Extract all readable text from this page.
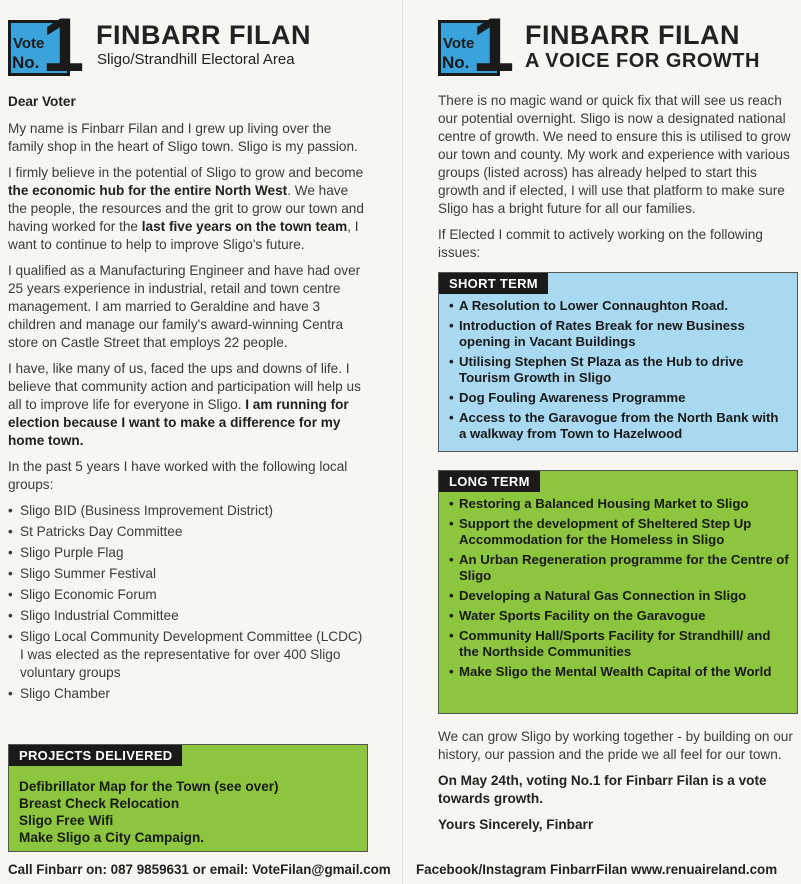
Vote
No. 1 FINBARR FILAN
Sligo/Strandhill Electoral Area

Dear Voter

My name is Finbarr Filan and I grew up living over the family shop in the heart of Sligo town. Sligo is my passion.

I firmly believe in the potential of Sligo to grow and become the economic hub for the entire North West. We have the people, the resources and the grit to grow our town and having worked for the last five years on the town team, I want to continue to help to improve Sligo's future.

I qualified as a Manufacturing Engineer and have had over 25 years experience in industrial, retail and town centre management. I am married to Geraldine and have 3 children and manage our family's award-winning Centra store on Castle Street that employs 22 people.

I have, like many of us, faced the ups and downs of life. I believe that community action and participation will help us all to improve life for everyone in Sligo. I am running for election because I want to make a difference for my home town.

In the past 5 years I have worked with the following local groups:

• Sligo BID (Business Improvement District)
• St Patricks Day Committee
• Sligo Purple Flag
• Sligo Summer Festival
• Sligo Economic Forum
• Sligo Industrial Committee
• Sligo Local Community Development Committee (LCDC) I was elected as the representative for over 400 Sligo voluntary groups
• Sligo Chamber
PROJECTS DELIVERED
Defibrillator Map for the Town (see over)
Breast Check Relocation
Sligo Free Wifi
Make Sligo a City Campaign.
Call Finbarr on: 087 9859631 or email: VoteFilan@gmail.com
Vote
No. 1 FINBARR FILAN
A VOICE FOR GROWTH

There is no magic wand or quick fix that will see us reach our potential overnight. Sligo is now a designated national centre of growth. We need to ensure this is utilised to grow our town and county. My work and experience with various groups (listed across) has already helped to start this growth and if elected, I will use that platform to make sure Sligo has a bright future for all our families.

If Elected I commit to actively working on the following issues:

SHORT TERM
• A Resolution to Lower Connaughton Road.
• Introduction of Rates Break for new Business opening in Vacant Buildings
• Utilising Stephen St Plaza as the Hub to drive Tourism Growth in Sligo
• Dog Fouling Awareness Programme
• Access to the Garavogue from the North Bank with a walkway from Town to Hazelwood
LONG TERM
• Restoring a Balanced Housing Market to Sligo
• Support the development of Sheltered Step Up Accommodation for the Homeless in Sligo
• An Urban Regeneration programme for the Centre of Sligo
• Developing a Natural Gas Connection in Sligo
• Water Sports Facility on the Garavogue
• Community Hall/Sports Facility for Strandhill/ and the Northside Communities
• Make Sligo the Mental Wealth Capital of the World

We can grow Sligo by working together - by building on our history, our passion and the pride we all feel for our town.

On May 24th, voting No.1 for Finbarr Filan is a vote towards growth.

Yours Sincerely, Finbarr

Facebook/Instagram FinbarrFilan www.renuaireland.com
